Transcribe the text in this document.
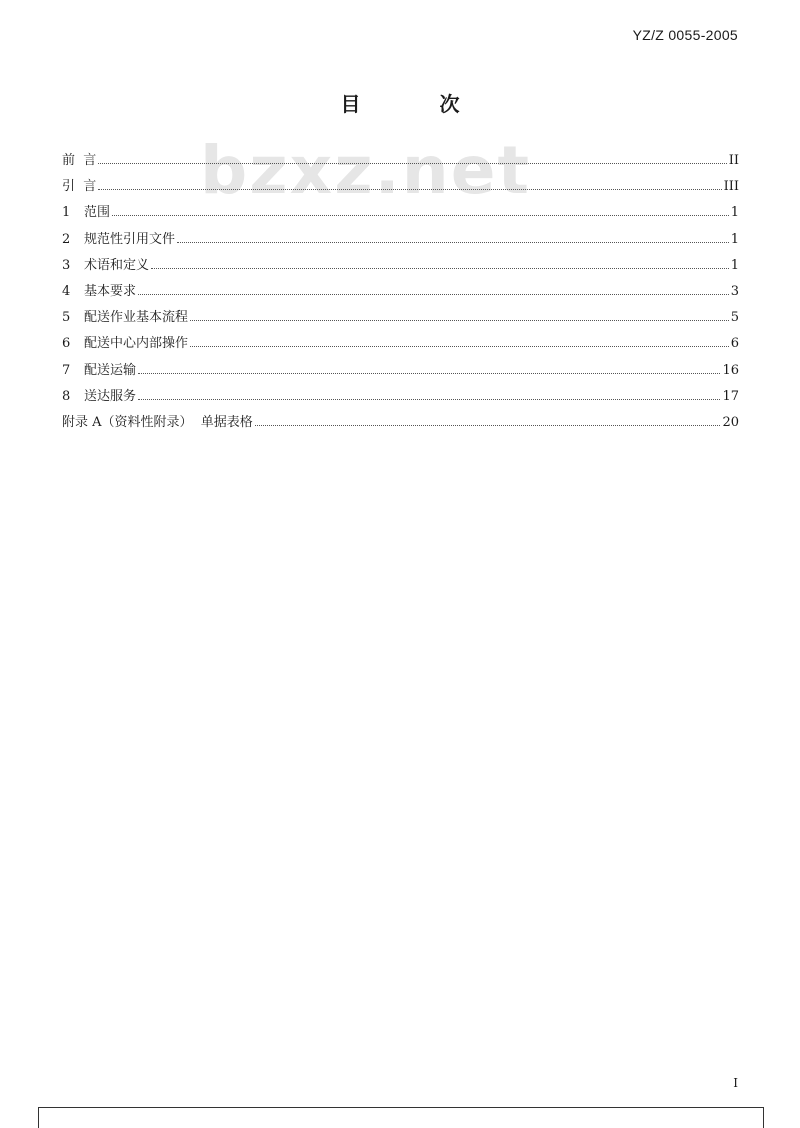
YZ/Z 0055-2005
目 次
bzxz.net
前  言	II
引  言	III
1 范围	1
2 规范性引用文件	1
3 术语和定义	1
4 基本要求	3
5 配送作业基本流程	5
6 配送中心内部操作	6
7 配送运输	16
8 送达服务	17
附录 A（资料性附录）  单据表格	20
I
